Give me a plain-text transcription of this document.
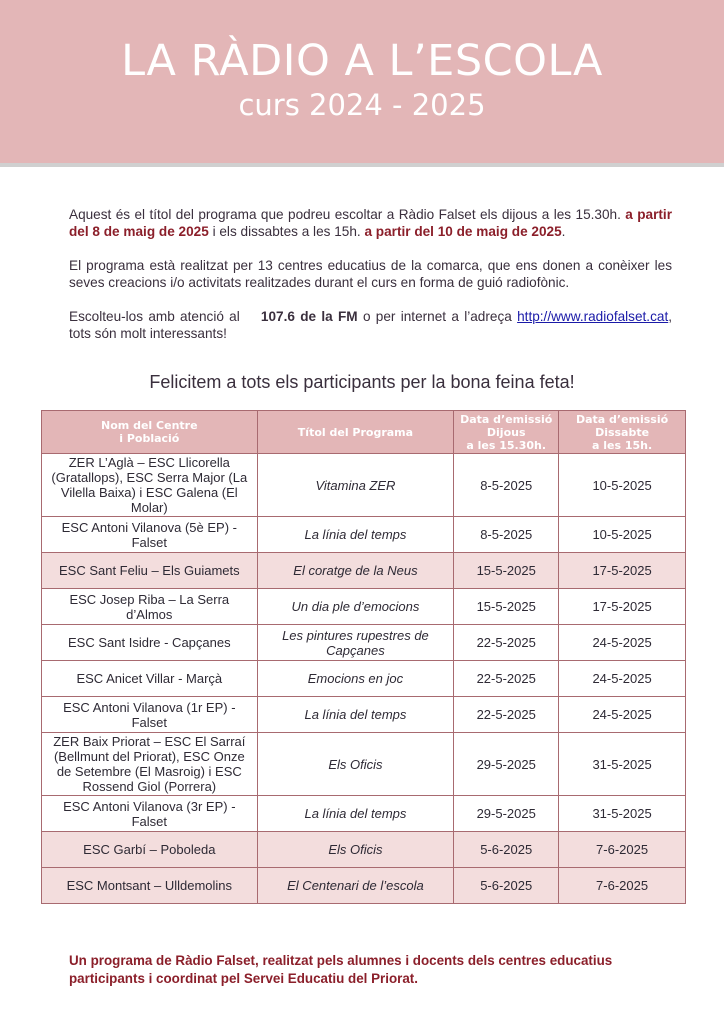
LA RÀDIO A L’ESCOLA
curs 2024 - 2025

Aquest és el títol del programa que podreu escoltar a Ràdio Falset els dijous a les 15.30h. a partir del 8 de maig de 2025 i els dissabtes a les 15h. a partir del 10 de maig de 2025.

El programa està realitzat per 13 centres educatius de la comarca, que ens donen a conèixer les seves creacions i/o activitats realitzades durant el curs en forma de guió radiofònic.

Escolteu-los amb atenció al 107.6 de la FM o per internet a l’adreça http://www.radiofalset.cat, tots són molt interessants!

Felicitem a tots els participants per la bona feina feta!
Nom del Centre
i Població	Títol del Programa	Data d’emissió
Dijous
a les 15.30h.	Data d’emissió
Dissabte
a les 15h.
ZER L’Aglà – ESC Llicorella
(Gratallops), ESC Serra Major (La
Vilella Baixa) i ESC Galena (El
Molar)	Vitamina ZER	8-5-2025	10-5-2025
ESC Antoni Vilanova (5è EP) -
Falset	La línia del temps	8-5-2025	10-5-2025
ESC Sant Feliu – Els Guiamets	El coratge de la Neus	15-5-2025	17-5-2025
ESC Josep Riba – La Serra
d’Almos	Un dia ple d’emocions	15-5-2025	17-5-2025
ESC Sant Isidre - Capçanes	Les pintures rupestres de
Capçanes	22-5-2025	24-5-2025
ESC Anicet Villar - Marçà	Emocions en joc	22-5-2025	24-5-2025
ESC Antoni Vilanova (1r EP) -
Falset	La línia del temps	22-5-2025	24-5-2025
ZER Baix Priorat – ESC El Sarraí
(Bellmunt del Priorat), ESC Onze
de Setembre (El Masroig) i ESC
Rossend Giol (Porrera)	Els Oficis	29-5-2025	31-5-2025
ESC Antoni Vilanova (3r EP) -
Falset	La línia del temps	29-5-2025	31-5-2025
ESC Garbí – Poboleda	Els Oficis	5-6-2025	7-6-2025
ESC Montsant – Ulldemolins	El Centenari de l’escola	5-6-2025	7-6-2025
Un programa de Ràdio Falset, realitzat pels alumnes i docents dels centres educatius
participants i coordinat pel Servei Educatiu del Priorat.
